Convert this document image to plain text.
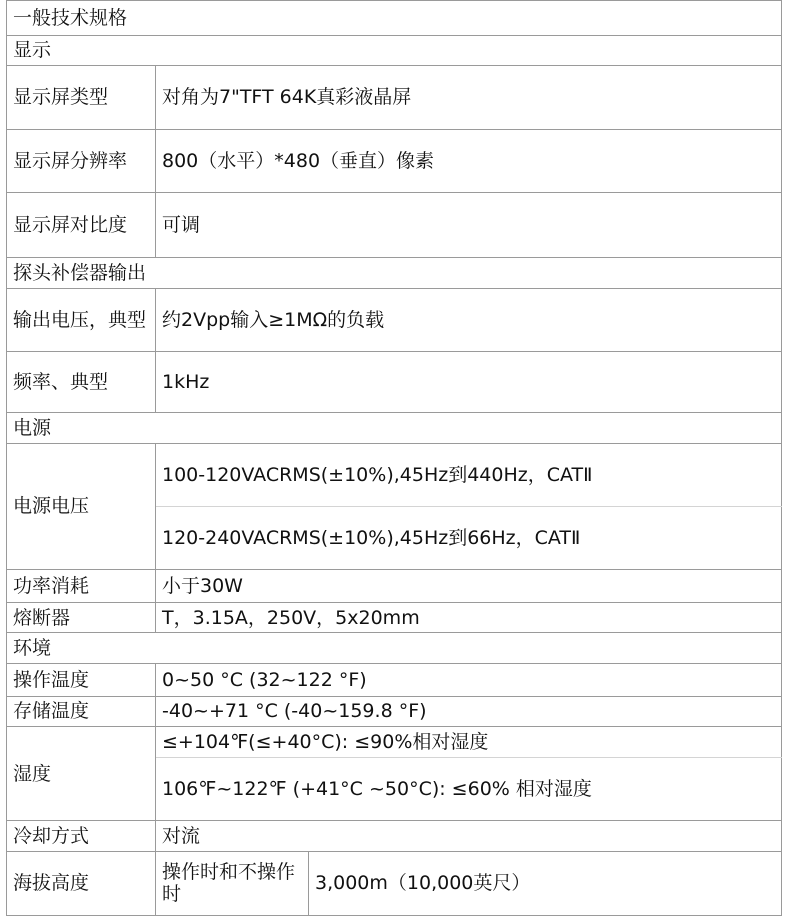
一般技术规格		
显示		
显示屏类型	对角为7"TFT 64K真彩液晶屏	
显示屏分辨率	800（水平）*480（垂直）像素	
显示屏对比度	可调	
探头补偿器输出		
输出电压，典型	约2Vpp输入≥1MΩ的负载	
频率、典型	1kHz	
电源		
电源电压	100-120VACRMS(±10%),45Hz到440Hz，CATⅡ	
	120-240VACRMS(±10%),45Hz到66Hz，CATⅡ	
功率消耗	小于30W	
熔断器	T，3.15A，250V，5x20mm	
环境		
操作温度	0~50 °C (32~122 °F)	
存储温度	-40~+71 °C (-40~159.8 °F)	
湿度	≤+104℉(≤+40°C): ≤90%相对湿度	
	106℉~122℉ (+41°C ~50°C): ≤60% 相对湿度	
冷却方式	对流	
海拔高度	操作时和不操作时	3,000m（10,000英尺）
